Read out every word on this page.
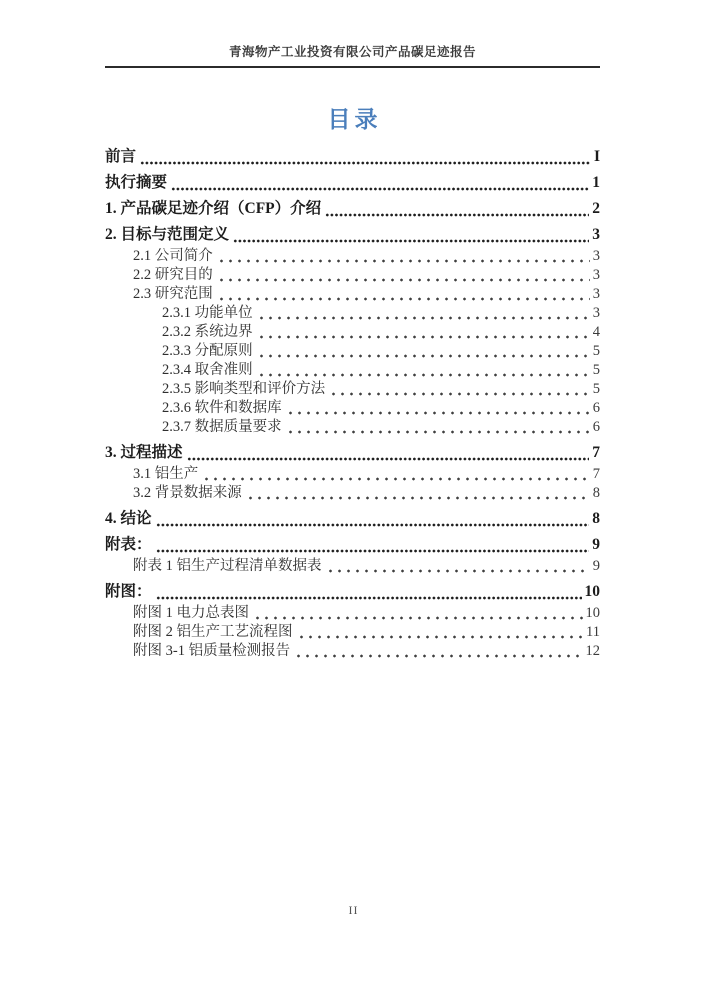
青海物产工业投资有限公司产品碳足迹报告
目录
前言	I
执行摘要	1
1. 产品碳足迹介绍（CFP）介绍	2
2. 目标与范围定义	3
2.1 公司简介	3
2.2 研究目的	3
2.3 研究范围	3
2.3.1 功能单位	3
2.3.2 系统边界	4
2.3.3 分配原则	5
2.3.4 取舍准则	5
2.3.5 影响类型和评价方法	5
2.3.6 软件和数据库	6
2.3.7 数据质量要求	6
3. 过程描述	7
3.1 铝生产	7
3.2 背景数据来源	8
4. 结论	8
附表：	9
附表 1 铝生产过程清单数据表	9
附图：	10
附图 1 电力总表图	10
附图 2 铝生产工艺流程图	11
附图 3-1 铝质量检测报告	12
II
